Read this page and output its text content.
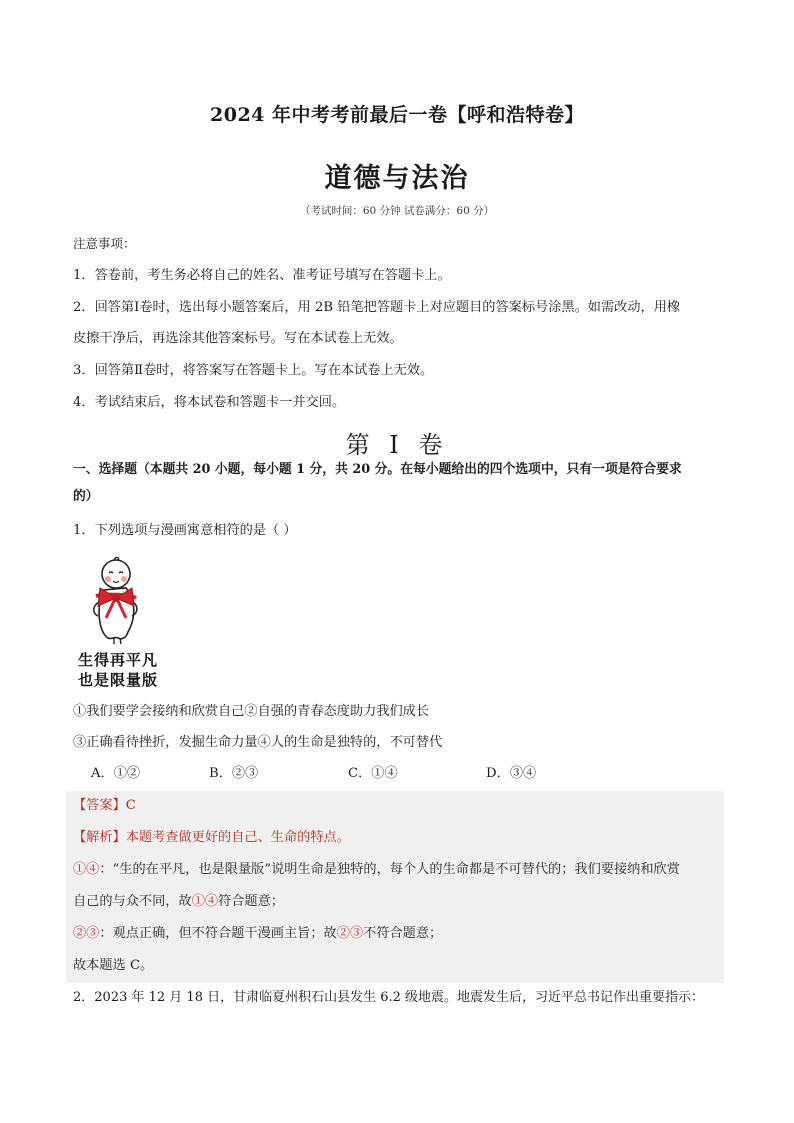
2024 年中考考前最后一卷【呼和浩特卷】
道德与法治
（考试时间：60 分钟 试卷满分：60 分）
注意事项：
1．答卷前，考生务必将自己的姓名、准考证号填写在答题卡上。
2．回答第Ⅰ卷时，选出每小题答案后，用 2B 铅笔把答题卡上对应题目的答案标号涂黑。如需改动，用橡
皮擦干净后，再选涂其他答案标号。写在本试卷上无效。
3．回答第Ⅱ卷时，将答案写在答题卡上。写在本试卷上无效。
4．考试结束后，将本试卷和答题卡一并交回。
第 I 卷
一、选择题（本题共 20 小题，每小题 1 分，共 20 分。在每小题给出的四个选项中，只有一项是符合要求
的）
1．下列选项与漫画寓意相符的是（ ）
生得再平凡
也是限量版
①我们要学会接纳和欣赏自己②自强的青春态度助力我们成长
③正确看待挫折，发掘生命力量④人的生命是独特的，不可替代
A．①②	B．②③	C．①④	D．③④
【答案】C
【解析】本题考查做更好的自己、生命的特点。
①④：“生的在平凡，也是限量版”说明生命是独特的，每个人的生命都是不可替代的；我们要接纳和欣赏
自己的与众不同，故①④符合题意；
②③：观点正确，但不符合题干漫画主旨；故②③不符合题意；
故本题选 C。
2．2023 年 12 月 18 日，甘肃临夏州积石山县发生 6.2 级地震。地震发生后，习近平总书记作出重要指示：
